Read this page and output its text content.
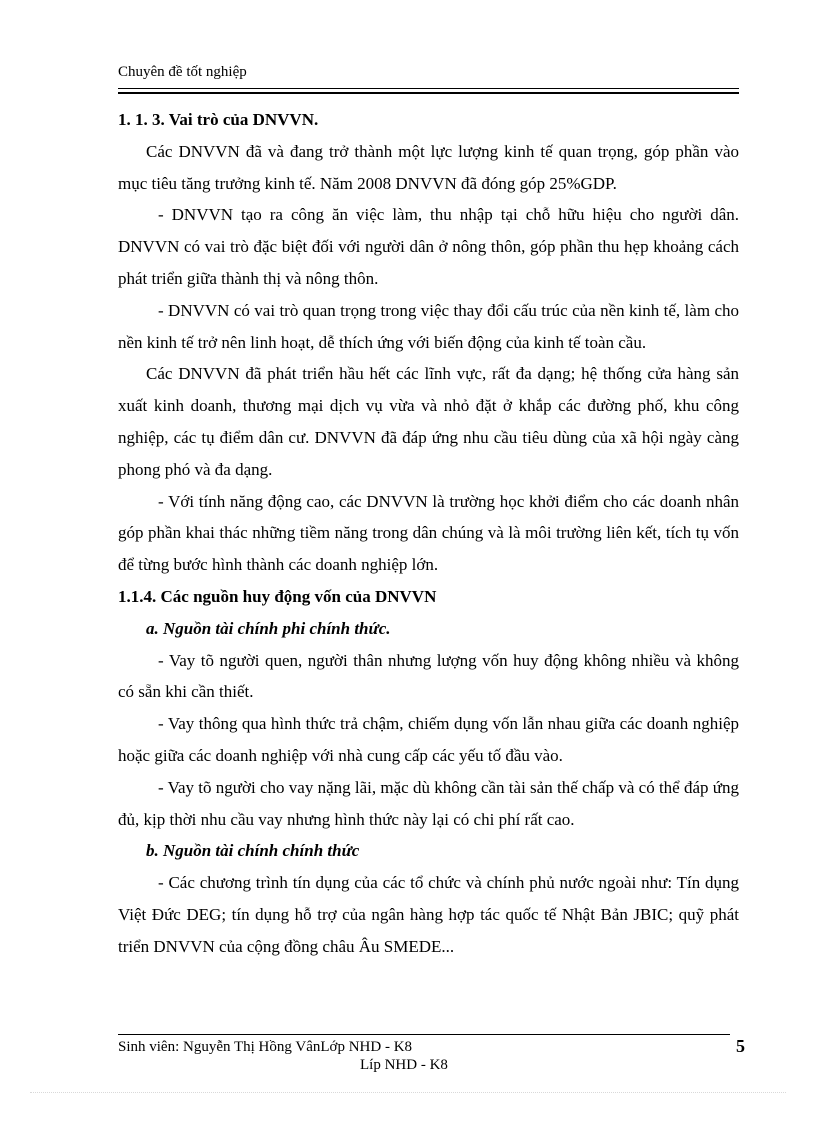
Chuyên đề tốt nghiệp

1. 1. 3. Vai trò của DNVVN.

Các DNVVN đã và đang trở thành một lực lượng kinh tế quan trọng, góp phần vào mục tiêu tăng trưởng kinh tế. Năm 2008 DNVVN đã đóng góp 25%GDP.

- DNVVN tạo ra công ăn việc làm, thu nhập tại chỗ hữu hiệu cho người dân. DNVVN có vai trò đặc biệt đối với người dân ở nông thôn, góp phần thu hẹp khoảng cách phát triển giữa thành thị và nông thôn.

- DNVVN có vai trò quan trọng trong việc thay đổi cấu trúc của nền kinh tế, làm cho nền kinh tế trở nên linh hoạt, dễ thích ứng với biến động của kinh tế toàn cầu.

Các DNVVN đã phát triển hầu hết các lĩnh vực, rất đa dạng; hệ thống cửa hàng sản xuất kinh doanh, thương mại dịch vụ vừa và nhỏ đặt ở khắp các đường phố, khu công nghiệp, các tụ điểm dân cư. DNVVN đã đáp ứng nhu cầu tiêu dùng của xã hội ngày càng phong phó và đa dạng.

- Với tính năng động cao, các DNVVN là trường học khởi điểm cho các doanh nhân góp phần khai thác những tiềm năng trong dân chúng và là môi trường liên kết, tích tụ vốn để từng bước hình thành các doanh nghiệp lớn.

1.1.4. Các nguồn huy động vốn của DNVVN

a. Nguồn tài chính phi chính thức.

- Vay tõ người quen, người thân nhưng lượng vốn huy động không nhiều và không có sẵn khi cần thiết.

- Vay thông qua hình thức trả chậm, chiếm dụng vốn lẫn nhau giữa các doanh nghiệp hoặc giữa các doanh nghiệp với nhà cung cấp các yếu tố đầu vào.

- Vay tõ người cho vay nặng lãi, mặc dù không cần tài sản thế chấp và có thể đáp ứng đủ, kịp thời nhu cầu vay nhưng hình thức này lại có chi phí rất cao.

b. Nguồn tài chính chính thức

- Các chương trình tín dụng của các tổ chức và chính phủ nước ngoài như: Tín dụng Việt Đức DEG; tín dụng hỗ trợ của ngân hàng hợp tác quốc tế Nhật Bản JBIC; quỹ phát triển DNVVN của cộng đồng châu Âu SMEDE...

Sinh viên: Nguyễn Thị Hồng VânLớp NHD - K8
Líp NHD - K8
5
